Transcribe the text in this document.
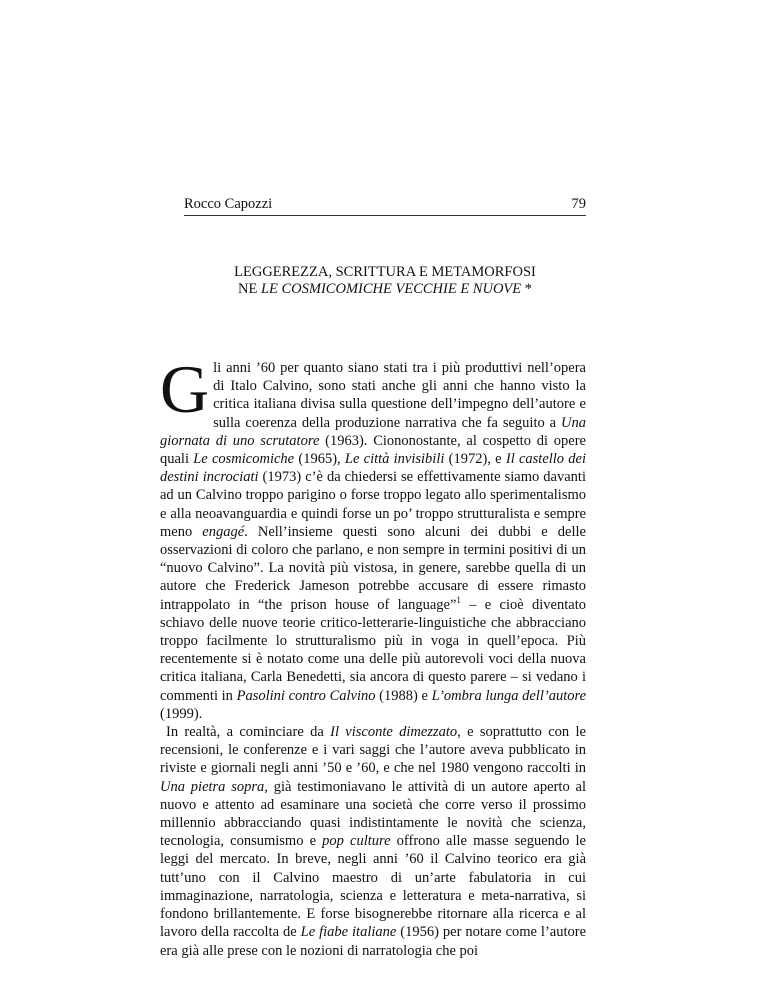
Rocco Capozzi	79
LEGGEREZZA, SCRITTURA E METAMORFOSI
NE LE COSMICOMICHE VECCHIE E NUOVE *

Gli anni ’60 per quanto siano stati tra i più produttivi nell’opera di Italo Calvino, sono stati anche gli anni che hanno visto la critica italiana divisa sulla questione dell’impegno dell’autore e sulla coerenza della produzione narrativa che fa seguito a Una giornata di uno scrutatore (1963). Ciononostante, al cospetto di opere quali Le cosmicomiche (1965), Le città invisibili (1972), e Il castello dei destini incrociati (1973) c’è da chiedersi se effettivamente siamo davanti ad un Calvino troppo parigino o forse troppo legato allo sperimentalismo e alla neoavanguardia e quindi forse un po’ troppo strutturalista e sempre meno engagé. Nell’insieme questi sono alcuni dei dubbi e delle osservazioni di coloro che parlano, e non sempre in termini positivi di un “nuovo Calvino”. La novità più vistosa, in genere, sarebbe quella di un autore che Frederick Jameson potrebbe accusare di essere rimasto intrappolato in “the prison house of language”$^1$ – e cioè diventato schiavo delle nuove teorie critico-letterarie-linguistiche che abbracciano troppo facilmente lo strutturalismo più in voga in quell’epoca. Più recentemente si è notato come una delle più autorevoli voci della nuova critica italiana, Carla Benedetti, sia ancora di questo parere – si vedano i commenti in Pasolini contro Calvino (1988) e L’ombra lunga dell’autore (1999).

In realtà, a cominciare da Il visconte dimezzato, e soprattutto con le recensioni, le conferenze e i vari saggi che l’autore aveva pubblicato in riviste e giornali negli anni ’50 e ’60, e che nel 1980 vengono raccolti in Una pietra sopra, già testimoniavano le attività di un autore aperto al nuovo e attento ad esaminare una società che corre verso il prossimo millennio abbracciando quasi indistintamente le novità che scienza, tecnologia, consumismo e pop culture offrono alle masse seguendo le leggi del mercato. In breve, negli anni ’60 il Calvino teorico era già tutt’uno con il Calvino maestro di un’arte fabulatoria in cui immaginazione, narratologia, scienza e letteratura e meta-narrativa, si fondono brillantemente. E forse bisognerebbe ritornare alla ricerca e al lavoro della raccolta de Le fiabe italiane (1956) per notare come l’autore era già alle prese con le nozioni di narratologia che poi
